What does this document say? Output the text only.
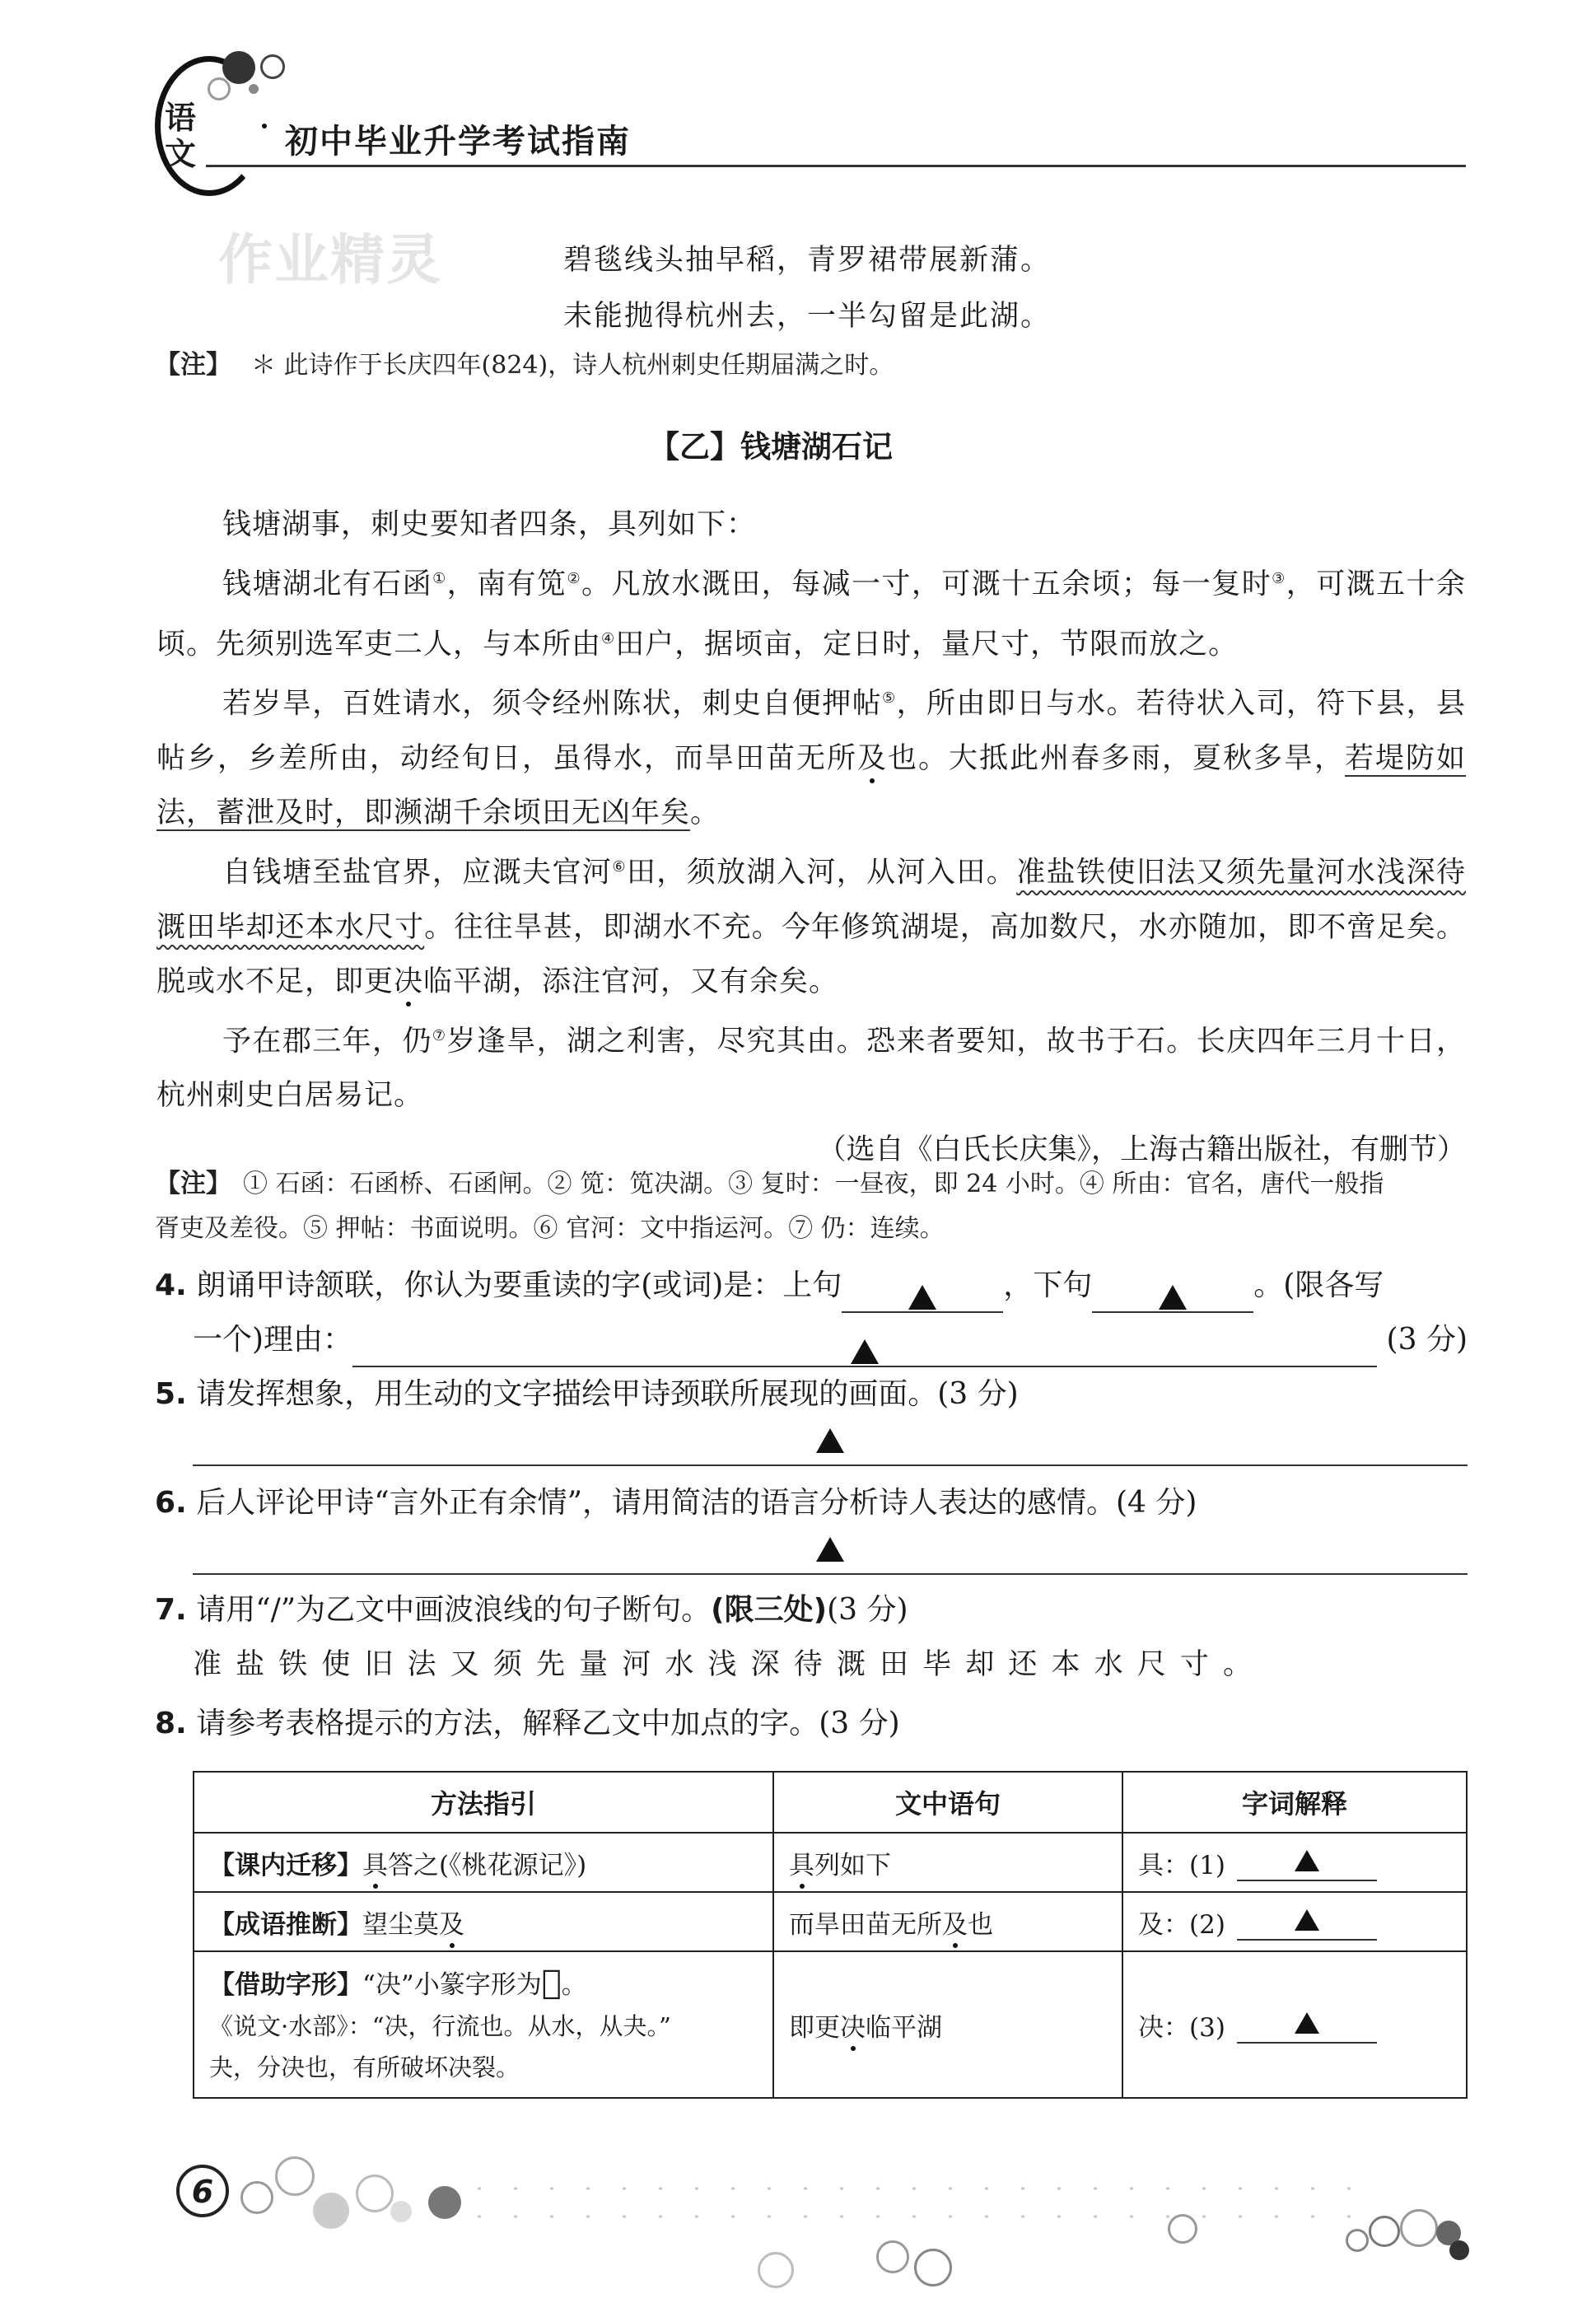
语
文	初中毕业升学考试指南
作业精灵	碧毯线头抽早稻，青罗裙带展新蒲。
未能抛得杭州去，一半勾留是此湖。
【注】 ＊ 此诗作于长庆四年(824)，诗人杭州刺史任期届满之时。
【乙】钱塘湖石记
钱塘湖事，刺史要知者四条，具列如下：
钱塘湖北有石函①，南有笕②。凡放水溉田，每减一寸，可溉十五余顷；每一复时③，可溉五十余顷。先须别选军吏二人，与本所由④田户，据顷亩，定日时，量尺寸，节限而放之。
若岁旱，百姓请水，须令经州陈状，刺史自便押帖⑤，所由即日与水。若待状入司，符下县，县帖乡，乡差所由，动经旬日，虽得水，而旱田苗无所及也。大抵此州春多雨，夏秋多旱，若堤防如法，蓄泄及时，即濒湖千余顷田无凶年矣。
自钱塘至盐官界，应溉夫官河⑥田，须放湖入河，从河入田。准盐铁使旧法又须先量河水浅深待溉田毕却还本水尺寸。往往旱甚，即湖水不充。今年修筑湖堤，高加数尺，水亦随加，即不啻足矣。脱或水不足，即更决临平湖，添注官河，又有余矣。
予在郡三年，仍⑦岁逢旱，湖之利害，尽究其由。恐来者要知，故书于石。长庆四年三月十日，杭州刺史白居易记。
（选自《白氏长庆集》，上海古籍出版社，有删节）
【注】 ① 石函：石函桥、石函闸。② 笕：笕决湖。③ 复时：一昼夜，即 24 小时。④ 所由：官名，唐代一般指
胥吏及差役。⑤ 押帖：书面说明。⑥ 官河：文中指运河。⑦ 仍：连续。
4. 朗诵甲诗颔联，你认为要重读的字(或词)是：上句	，下句	。(限各写
一个)理由：	(3 分)
5. 请发挥想象，用生动的文字描绘甲诗颈联所展现的画面。(3 分)
6. 后人评论甲诗“言外正有余情”，请用简洁的语言分析诗人表达的感情。(4 分)
7. 请用“/”为乙文中画波浪线的句子断句。(限三处)(3 分)
准 盐 铁 使 旧 法 又 须 先 量 河 水 浅 深 待 溉 田 毕 却 还 本 水 尺 寸 。
8. 请参考表格提示的方法，解释乙文中加点的字。(3 分)
方法指引	文中语句	字词解释
【课内迁移】具答之(《桃花源记》)	具列如下	具：(1)
【成语推断】望尘莫及	而旱田苗无所及也	及：(2)

【借助字形】“决”小篆字形为𣳍。
《说文·水部》：“决，行流也。从水，从夬。”
夬，分决也，有所破坏决裂。	即更决临平湖	决：(3)
6
